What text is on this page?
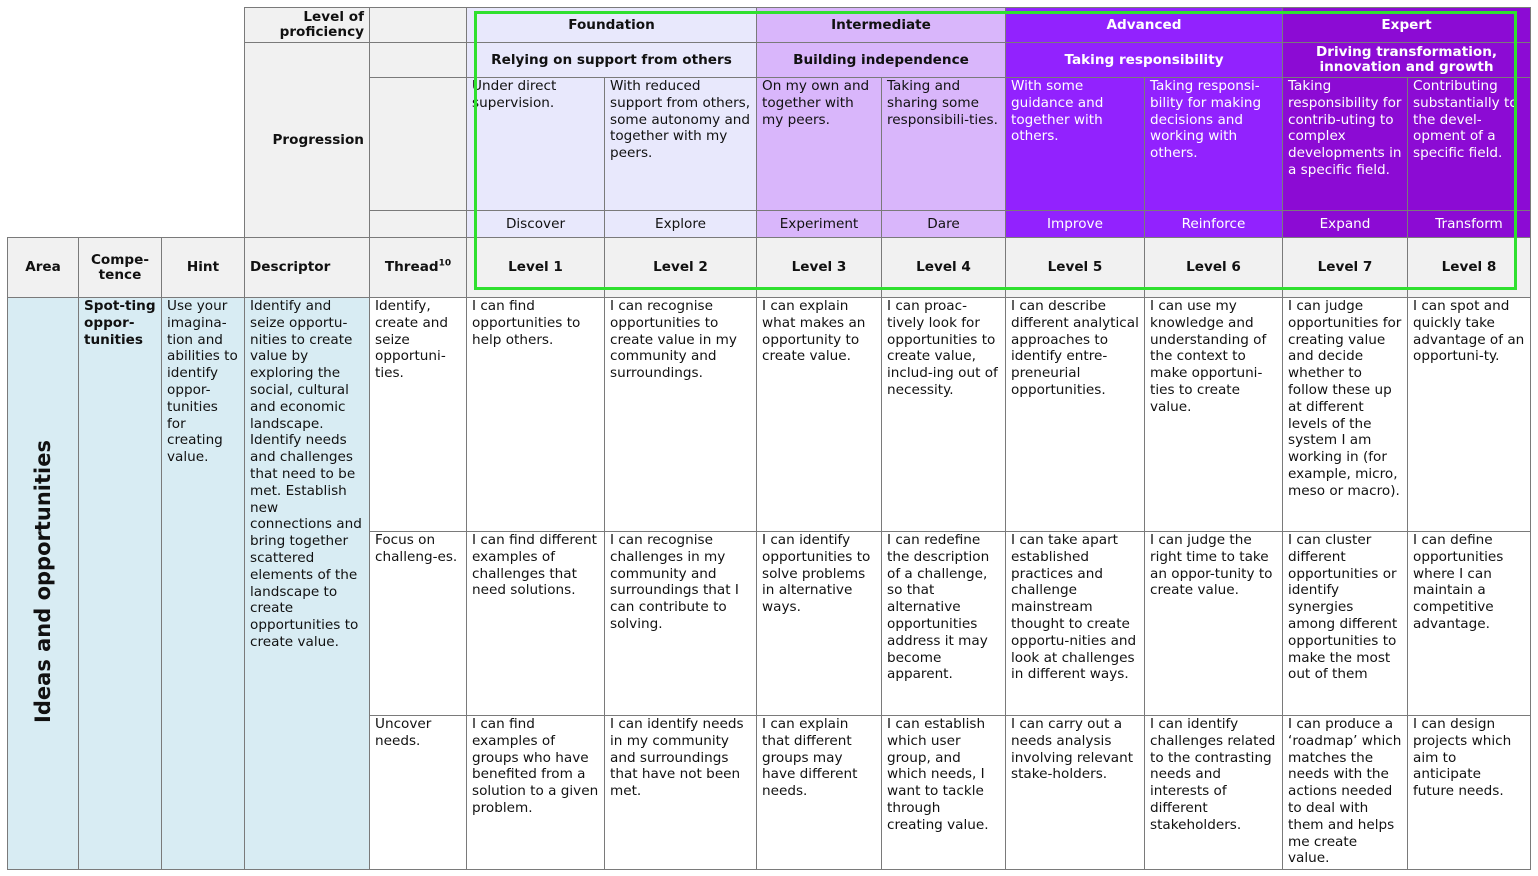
			Level of proficiency		Foundation		Intermediate		Advanced		Expert	
			Progression		Relying on support from others		Building independence		Taking responsibility		Driving transformation, innovation and growth	
					Under direct supervision.	With reduced support from others, some autonomy and together with my peers.	On my own and together with my peers.	Taking and sharing some responsibili-ties.	With some guidance and together with others.	Taking responsi-bility for making decisions and working with others.	Taking responsibility for contrib-uting to complex developments in a specific field.	Contributing substantially to the devel-opment of a specific field.
					Discover	Explore	Experiment	Dare	Improve	Reinforce	Expand	Transform
Area	Compe-tence	Hint	Descriptor	Thread$^{10}$	Level 1	Level 2	Level 3	Level 4	Level 5	Level 6	Level 7	Level 8
Ideas and opportunities	Spot-ting oppor-tunities	Use your imagina-tion and abilities to identify oppor-tunities for creating value.	Identify and seize opportu-nities to create value by exploring the social, cultural and economic landscape. Identify needs and challenges that need to be met. Establish new connections and bring together scattered elements of the landscape to create opportunities to create value.	Identify, create and seize opportuni-ties.	I can find opportunities to help others.	I can recognise opportunities to create value in my community and surroundings.	I can explain what makes an opportunity to create value.	I can proac-tively look for opportunities to create value, includ-ing out of necessity.	I can describe different analytical approaches to identify entre-preneurial opportunities.	I can use my knowledge and understanding of the context to make opportuni-ties to create value.	I can judge opportunities for creating value and decide whether to follow these up at different levels of the system I am working in (for example, micro, meso or macro).	I can spot and quickly take advantage of an opportuni-ty.
				Focus on challeng-es.	I can find different examples of challenges that need solutions.	I can recognise challenges in my community and surroundings that I can contribute to solving.	I can identify opportunities to solve problems in alternative ways.	I can redefine the description of a challenge, so that alternative opportunities address it may become apparent.	I can take apart established practices and challenge mainstream thought to create opportu-nities and look at challenges in different ways.	I can judge the right time to take an oppor-tunity to create value.	I can cluster different opportunities or identify synergies among different opportunities to make the most out of them	I can define opportunities where I can maintain a competitive advantage.
				Uncover needs.	I can find examples of groups who have benefited from a solution to a given problem.	I can identify needs in my community and surroundings that have not been met.	I can explain that different groups may have different needs.	I can establish which user group, and which needs, I want to tackle through creating value.	I can carry out a needs analysis involving relevant stake-holders.	I can identify challenges related to the contrasting needs and interests of different stakeholders.	I can produce a ‘roadmap’ which matches the needs with the actions needed to deal with them and helps me create value.	I can design projects which aim to anticipate future needs.
